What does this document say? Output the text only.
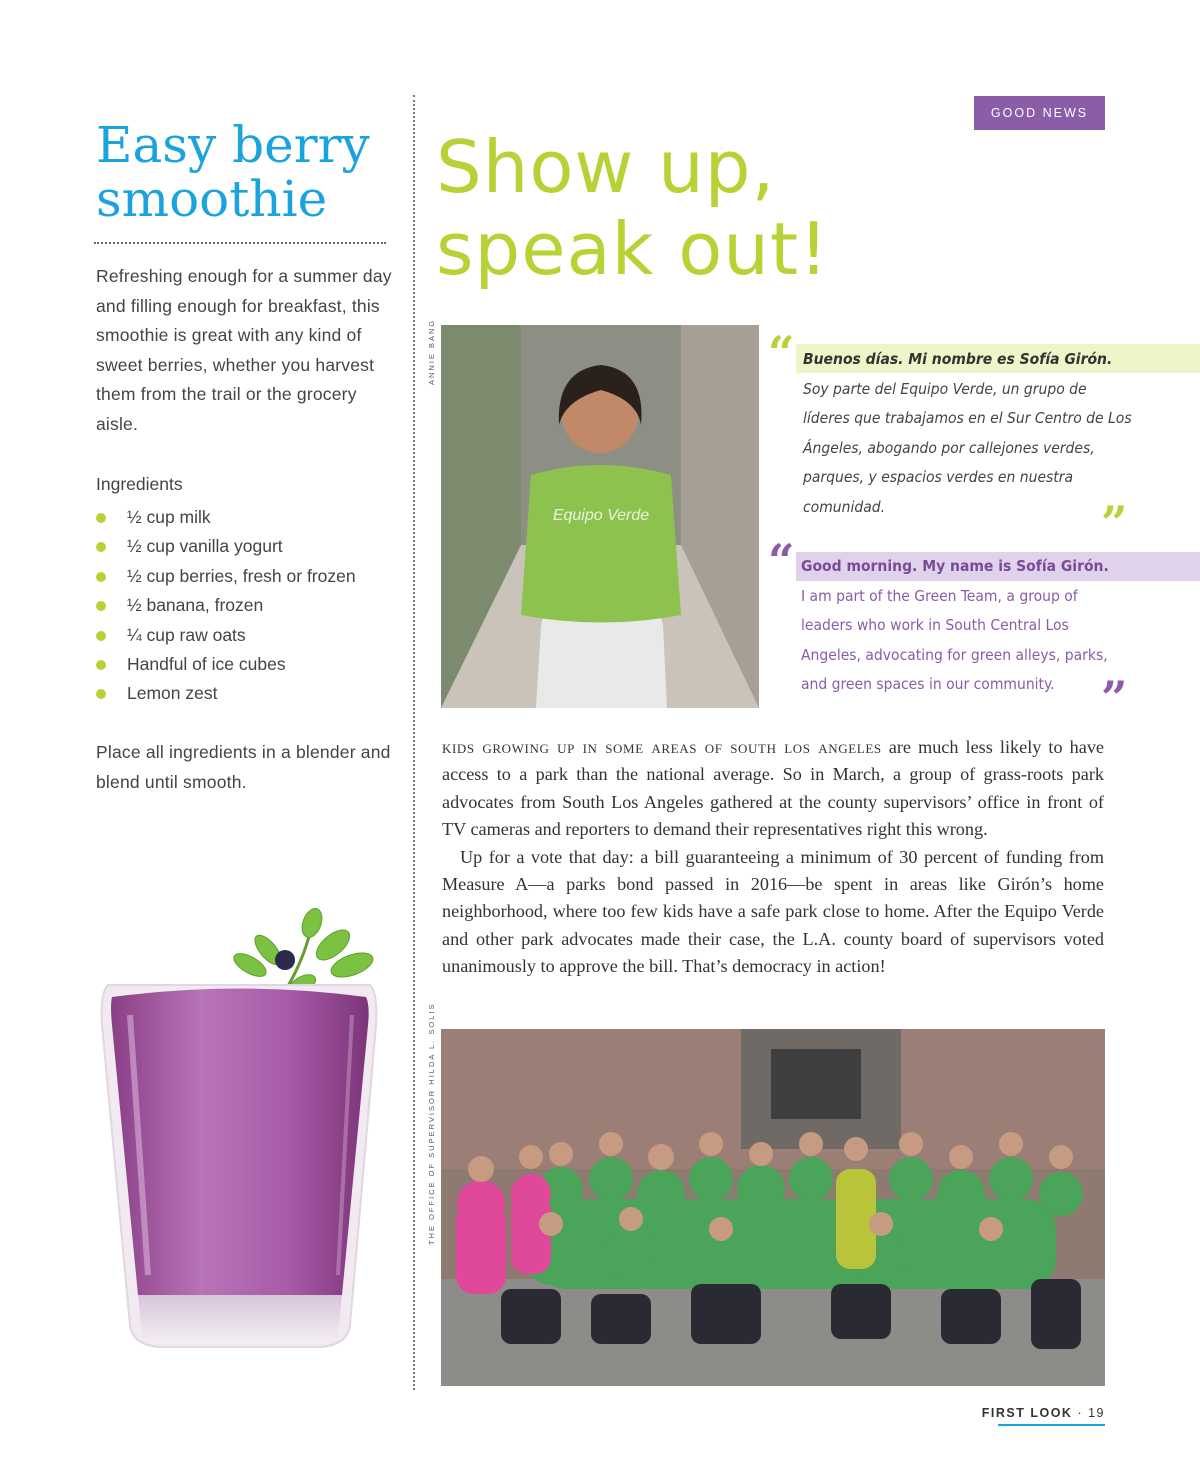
Easy berry smoothie
Refreshing enough for a summer day and filling enough for breakfast, this smoothie is great with any kind of sweet berries, whether you harvest them from the trail or the grocery aisle.
Ingredients
½ cup milk
½ cup vanilla yogurt
½ cup berries, fresh or frozen
½ banana, frozen
¼ cup raw oats
Handful of ice cubes
Lemon zest
Place all ingredients in a blender and blend until smooth.
GOOD NEWS
Show up,
speak out!
ANNIE BANG
Equipo Verde
“ Buenos días. Mi nombre es Sofía Girón.
Soy parte del Equipo Verde, un grupo de líderes que trabajamos en el Sur Centro de Los Ángeles, abogando por callejones verdes, parques, y espacios verdes en nuestra comunidad.	”
“ Good morning. My name is Sofía Girón.
I am part of the Green Team, a group of leaders who work in South Central Los Angeles, advocating for green alleys, parks, and green spaces in our community.	”

kids growing up in some areas of south los angeles are much less likely to have access to a park than the national average. So in March, a group of grass-roots park advocates from South Los Angeles gathered at the county supervisors’ office in front of TV cameras and reporters to demand their representatives right this wrong.

Up for a vote that day: a bill guaranteeing a minimum of 30 percent of funding from Measure A—a parks bond passed in 2016—be spent in areas like Girón’s home neighborhood, where too few kids have a safe park close to home. After the Equipo Verde and other park advocates made their case, the L.A. county board of supervisors voted unanimously to approve the bill. That’s democracy in action!

THE OFFICE OF SUPERVISOR HILDA L. SOLIS
FIRST LOOK · 19
